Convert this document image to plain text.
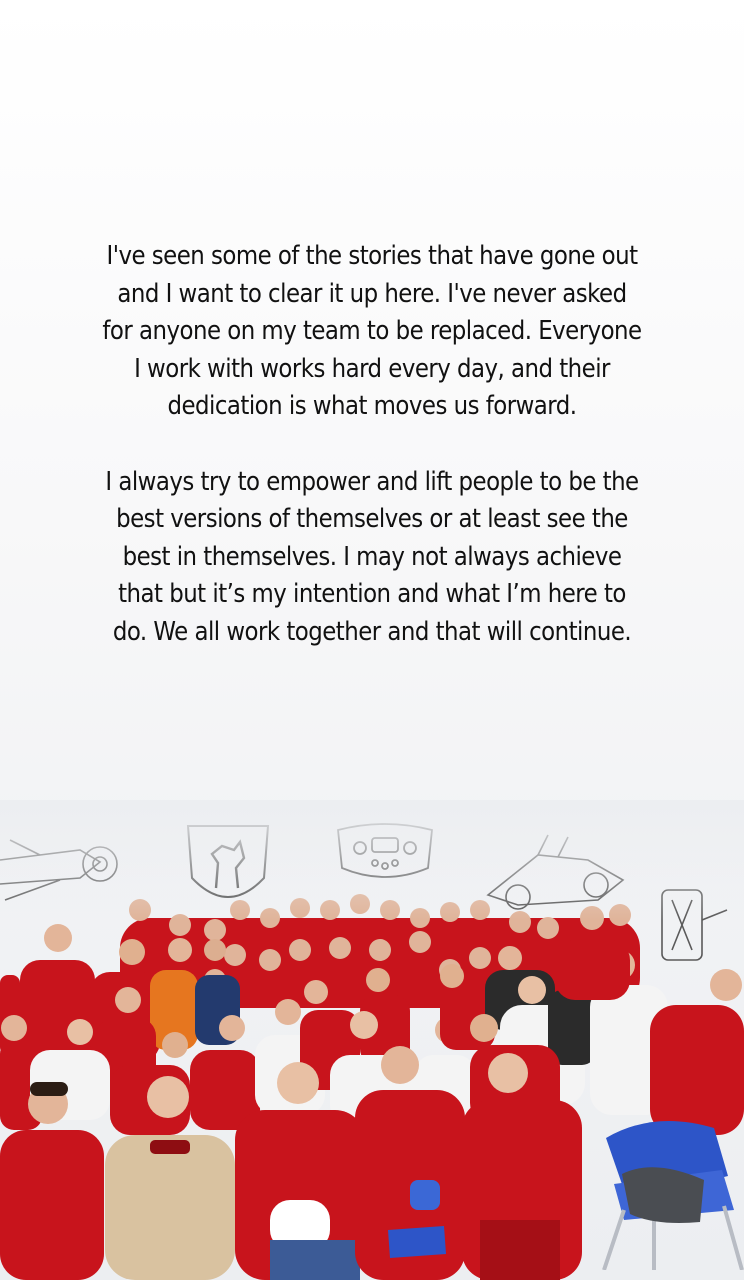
I've seen some of the stories that have gone out and I want to clear it up here. I've never asked for anyone on my team to be replaced. Everyone I work with works hard every day, and their dedication is what moves us forward.

I always try to empower and lift people to be the best versions of themselves or at least see the best in themselves. I may not always achieve that but it’s my intention and what I’m here to do. We all work together and that will continue.
